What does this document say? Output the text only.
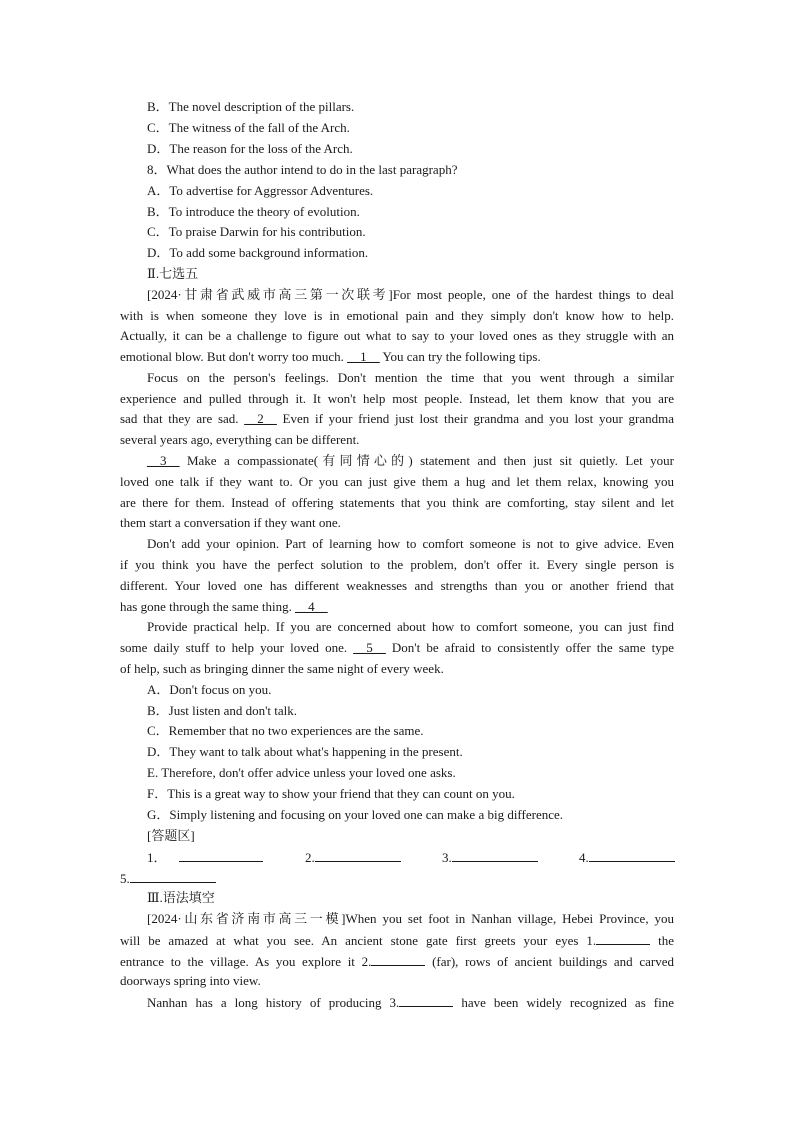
B．The novel description of the pillars.
C．The witness of the fall of the Arch.
D．The reason for the loss of the Arch.
8．What does the author intend to do in the last paragraph?
A．To advertise for Aggressor Adventures.
B．To introduce the theory of evolution.
C．To praise Darwin for his contribution.
D．To add some background information.
Ⅱ.七选五
[2024·甘肃省武威市高三第一次联考]For most people, one of the hardest things to deal
with is when someone they love is in emotional pain and they simply don't know how to help.
Actually, it can be a challenge to figure out what to say to your loved ones as they struggle with an
emotional blow. But don't worry too much. __1__ You can try the following tips.
Focus on the person's feelings. Don't mention the time that you went through a similar
experience and pulled through it. It won't help most people. Instead, let them know that you are
sad that they are sad. __2__ Even if your friend just lost their grandma and you lost your grandma
several years ago, everything can be different.
__3__ Make a compassionate(有同情心的) statement and then just sit quietly. Let your
loved one talk if they want to. Or you can just give them a hug and let them relax, knowing you
are there for them. Instead of offering statements that you think are comforting, stay silent and let
them start a conversation if they want one.
Don't add your opinion. Part of learning how to comfort someone is not to give advice. Even
if you think you have the perfect solution to the problem, don't offer it. Every single person is
different. Your loved one has different weaknesses and strengths than you or another friend that
has gone through the same thing. __4__
Provide practical help. If you are concerned about how to comfort someone, you can just find
some daily stuff to help your loved one. __5__ Don't be afraid to consistently offer the same type
of help, such as bringing dinner the same night of every week.
A．Don't focus on you.
B．Just listen and don't talk.
C．Remember that no two experiences are the same.
D．They want to talk about what's happening in the present.
E. Therefore, don't offer advice unless your loved one asks.
F．This is a great way to show your friend that they can count on you.
G．Simply listening and focusing on your loved one can make a big difference.
[答题区]
1．	2.	3.	4.
5.
Ⅲ.语法填空
[2024·山东省济南市高三一模]When you set foot in Nanhan village, Hebei Province, you
will be amazed at what you see. An ancient stone gate first greets your eyes 1.	the
entrance to the village. As you explore it 2.	(far), rows of ancient buildings and carved
doorways spring into view.
Nanhan has a long history of producing 3.	have been widely recognized as fine
